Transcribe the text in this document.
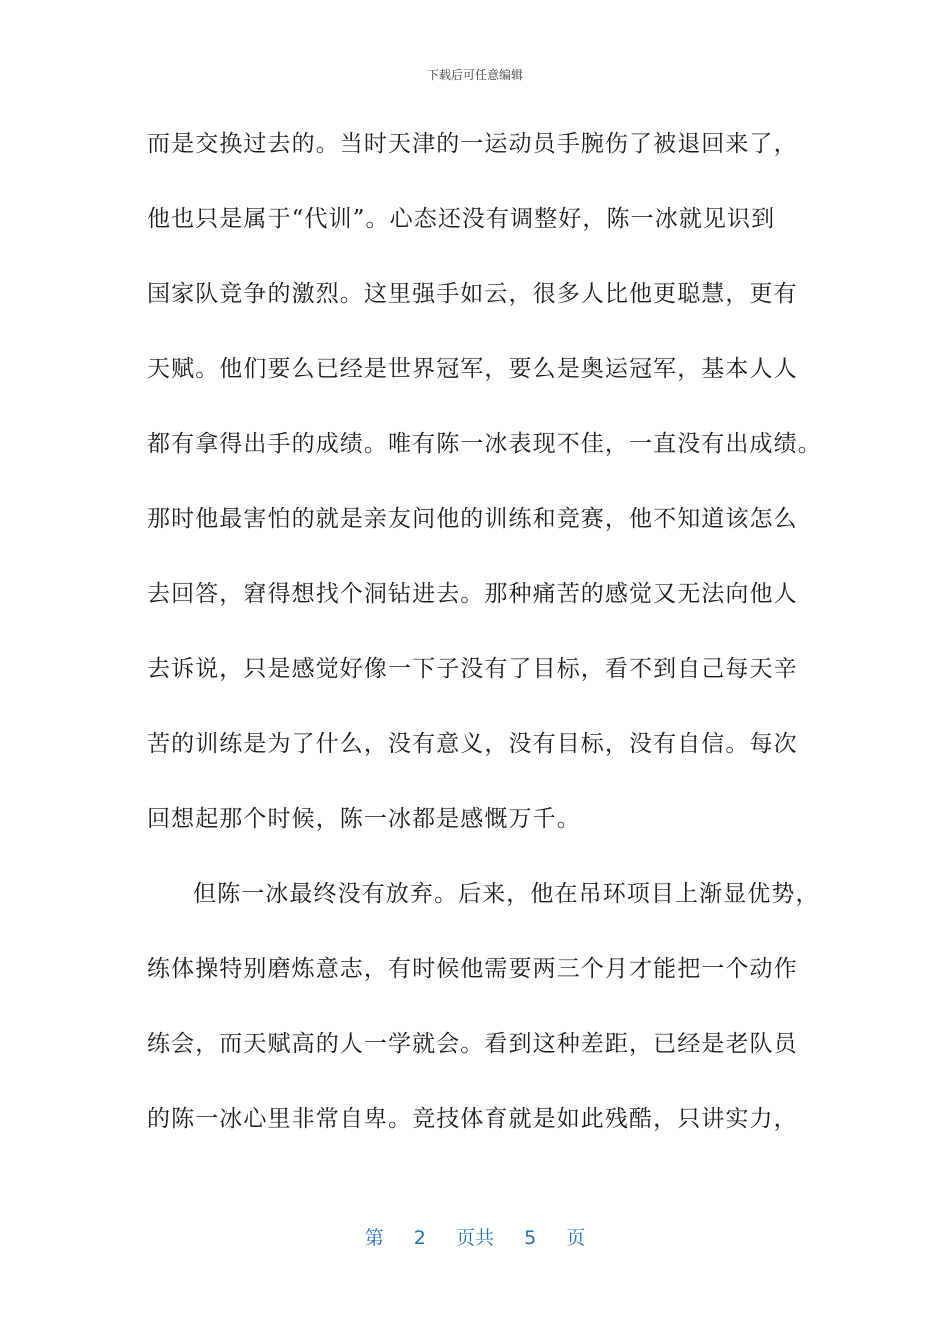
下载后可任意编辑
而是交换过去的。当时天津的一运动员手腕伤了被退回来了，
他也只是属于“代训”。心态还没有调整好，陈一冰就见识到
国家队竞争的激烈。这里强手如云，很多人比他更聪慧，更有
天赋。他们要么已经是世界冠军，要么是奥运冠军，基本人人
都有拿得出手的成绩。唯有陈一冰表现不佳，一直没有出成绩。
那时他最害怕的就是亲友问他的训练和竞赛，他不知道该怎么
去回答，窘得想找个洞钻进去。那种痛苦的感觉又无法向他人
去诉说，只是感觉好像一下子没有了目标，看不到自己每天辛
苦的训练是为了什么，没有意义，没有目标，没有自信。每次
回想起那个时候，陈一冰都是感慨万千。
但陈一冰最终没有放弃。后来，他在吊环项目上渐显优势，
练体操特别磨炼意志，有时候他需要两三个月才能把一个动作
练会，而天赋高的人一学就会。看到这种差距，已经是老队员
的陈一冰心里非常自卑。竞技体育就是如此残酷，只讲实力，
第 2 页共 5 页
